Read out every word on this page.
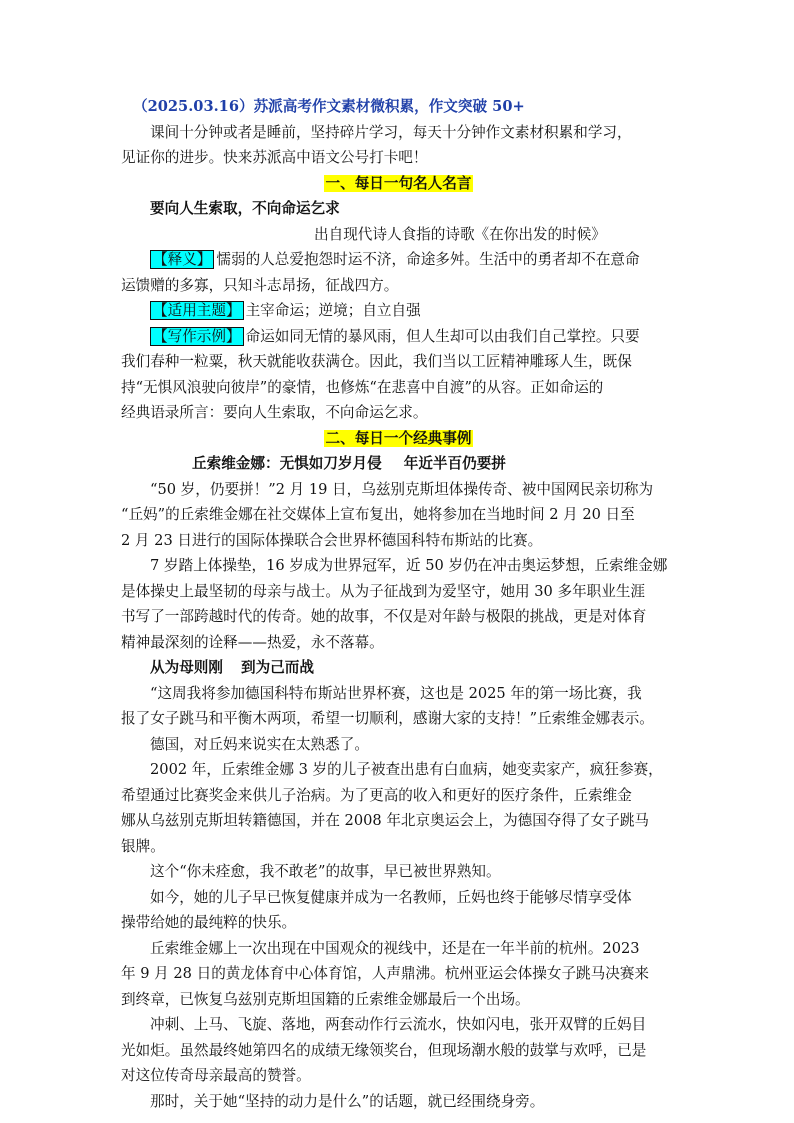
（2025.03.16）苏派高考作文素材微积累，作文突破 50+
课间十分钟或者是睡前，坚持碎片学习，每天十分钟作文素材积累和学习，
见证你的进步。快来苏派高中语文公号打卡吧！
一、每日一句名人名言
要向人生索取，不向命运乞求
出自现代诗人食指的诗歌《在你出发的时候》
【释义】 懦弱的人总爱抱怨时运不济，命途多舛。生活中的勇者却不在意命
运馈赠的多寡，只知斗志昂扬，征战四方。
【适用主题】 主宰命运；逆境；自立自强
【写作示例】 命运如同无情的暴风雨，但人生却可以由我们自己掌控。只要
我们春种一粒粟，秋天就能收获满仓。因此，我们当以工匠精神雕琢人生，既保
持“无惧风浪驶向彼岸”的豪情，也修炼“在悲喜中自渡”的从容。正如命运的
经典语录所言：要向人生索取，不向命运乞求。
二、每日一个经典事例
丘索维金娜：无惧如刀岁月侵 年近半百仍要拼
“50 岁，仍要拼！”2 月 19 日，乌兹别克斯坦体操传奇、被中国网民亲切称为
“丘妈”的丘索维金娜在社交媒体上宣布复出，她将参加在当地时间 2 月 20 日至
2 月 23 日进行的国际体操联合会世界杯德国科特布斯站的比赛。
7 岁踏上体操垫，16 岁成为世界冠军，近 50 岁仍在冲击奥运梦想，丘索维金娜
是体操史上最坚韧的母亲与战士。从为子征战到为爱坚守，她用 30 多年职业生涯
书写了一部跨越时代的传奇。她的故事，不仅是对年龄与极限的挑战，更是对体育
精神最深刻的诠释——热爱，永不落幕。
从为母则刚 到为己而战
“这周我将参加德国科特布斯站世界杯赛，这也是 2025 年的第一场比赛，我
报了女子跳马和平衡木两项，希望一切顺利，感谢大家的支持！”丘索维金娜表示。
德国，对丘妈来说实在太熟悉了。
2002 年，丘索维金娜 3 岁的儿子被查出患有白血病，她变卖家产，疯狂参赛，
希望通过比赛奖金来供儿子治病。为了更高的收入和更好的医疗条件，丘索维金
娜从乌兹别克斯坦转籍德国，并在 2008 年北京奥运会上，为德国夺得了女子跳马
银牌。
这个“你未痊愈，我不敢老”的故事，早已被世界熟知。
如今，她的儿子早已恢复健康并成为一名教师，丘妈也终于能够尽情享受体
操带给她的最纯粹的快乐。
丘索维金娜上一次出现在中国观众的视线中，还是在一年半前的杭州。2023
年 9 月 28 日的黄龙体育中心体育馆，人声鼎沸。杭州亚运会体操女子跳马决赛来
到终章，已恢复乌兹别克斯坦国籍的丘索维金娜最后一个出场。
冲刺、上马、飞旋、落地，两套动作行云流水，快如闪电，张开双臂的丘妈目
光如炬。虽然最终她第四名的成绩无缘领奖台，但现场潮水般的鼓掌与欢呼，已是
对这位传奇母亲最高的赞誉。
那时，关于她“坚持的动力是什么”的话题，就已经围绕身旁。
